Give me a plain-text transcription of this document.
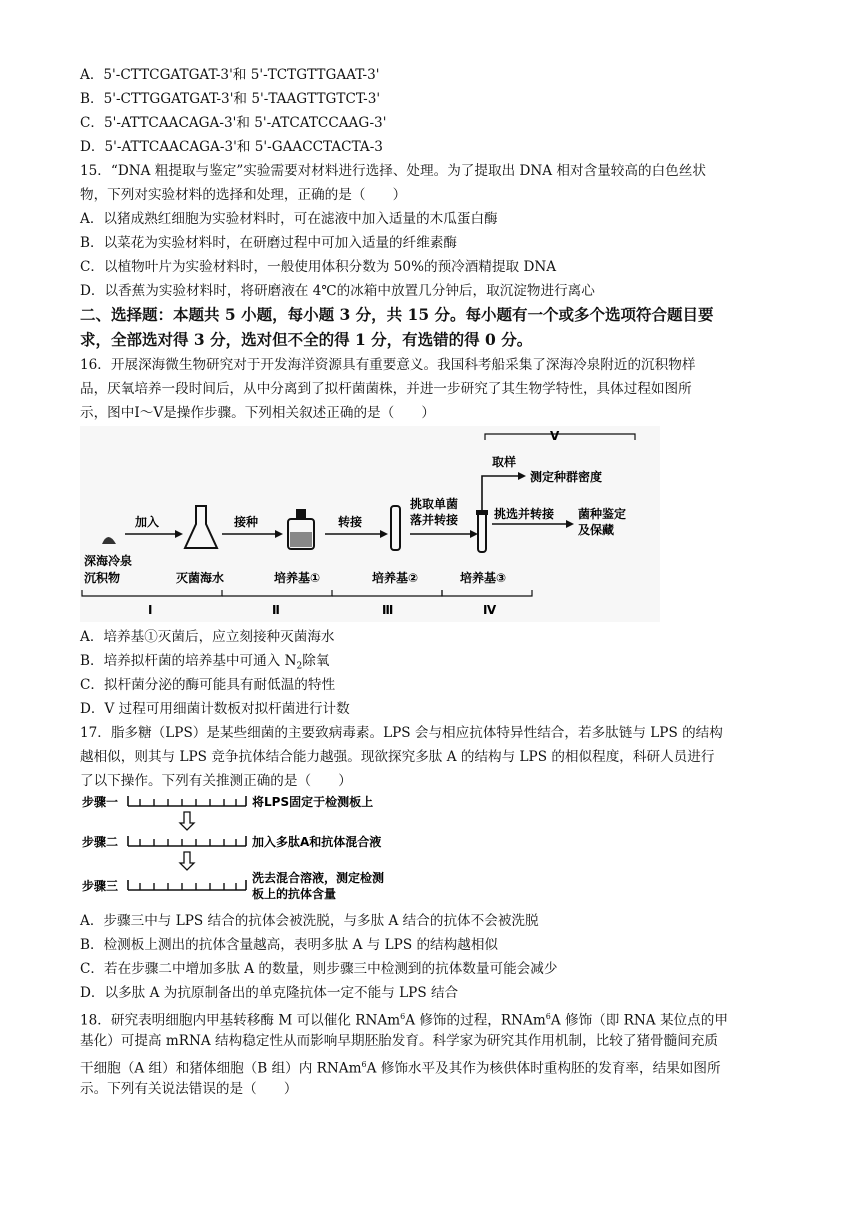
A．5'-CTTCGATGAT-3'和 5'-TCTGTTGAAT-3'
B．5'-CTTGGATGAT-3'和 5'-TAAGTTGTCT-3'
C．5'-ATTCAACAGA-3'和 5'-ATCATCCAAG-3'
D．5'-ATTCAACAGA-3'和 5'-GAACCTACTA-3
15．“DNA 粗提取与鉴定”实验需要对材料进行选择、处理。为了提取出 DNA 相对含量较高的白色丝状
物，下列对实验材料的选择和处理，正确的是（　　）
A．以猪成熟红细胞为实验材料时，可在滤液中加入适量的木瓜蛋白酶
B．以菜花为实验材料时，在研磨过程中可加入适量的纤维素酶
C．以植物叶片为实验材料时，一般使用体积分数为 50%的预冷酒精提取 DNA
D．以香蕉为实验材料时，将研磨液在 4℃的冰箱中放置几分钟后，取沉淀物进行离心
二、选择题：本题共 5 小题，每小题 3 分，共 15 分。每小题有一个或多个选项符合题目要
求，全部选对得 3 分，选对但不全的得 1 分，有选错的得 0 分。
16．开展深海微生物研究对于开发海洋资源具有重要意义。我国科考船采集了深海冷泉附近的沉积物样
品，厌氧培养一段时间后，从中分离到了拟杆菌菌株，并进一步研究了其生物学特性，具体过程如图所
示，图中Ⅰ～Ⅴ是操作步骤。下列相关叙述正确的是（　　）
深海冷泉
沉积物
加入
灭菌海水
接种
培养基①
转接
培养基②
挑取单菌
落并转接
培养基③
取样
测定种群密度
Ⅴ
挑选并转接 菌种鉴定
及保藏
Ⅰ	Ⅱ	Ⅲ	Ⅳ
A．培养基①灭菌后，应立刻接种灭菌海水
B．培养拟杆菌的培养基中可通入 $N_2$除氧
C．拟杆菌分泌的酶可能具有耐低温的特性
D．V 过程可用细菌计数板对拟杆菌进行计数
17．脂多糖（LPS）是某些细菌的主要致病毒素。LPS 会与相应抗体特异性结合，若多肽链与 LPS 的结构
越相似，则其与 LPS 竞争抗体结合能力越强。现欲探究多肽 A 的结构与 LPS 的相似程度，科研人员进行
了以下操作。下列有关推测正确的是（　　）
步骤一	将LPS固定于检测板上
步骤二	加入多肽A和抗体混合液
步骤三
洗去混合溶液，测定检测
板上的抗体含量
A．步骤三中与 LPS 结合的抗体会被洗脱，与多肽 A 结合的抗体不会被洗脱
B．检测板上测出的抗体含量越高，表明多肽 A 与 LPS 的结构越相似
C．若在步骤二中增加多肽 A 的数量，则步骤三中检测到的抗体数量可能会减少
D．以多肽 A 为抗原制备出的单克隆抗体一定不能与 LPS 结合
18．研究表明细胞内甲基转移酶 M 可以催化 RNAm$^6$A 修饰的过程，RNAm$^6$A 修饰（即 RNA 某位点的甲
基化）可提高 mRNA 结构稳定性从而影响早期胚胎发育。科学家为研究其作用机制，比较了猪骨髓间充质
干细胞（A 组）和猪体细胞（B 组）内 RNAm$^6$A 修饰水平及其作为核供体时重构胚的发育率，结果如图所
示。下列有关说法错误的是（　　）
